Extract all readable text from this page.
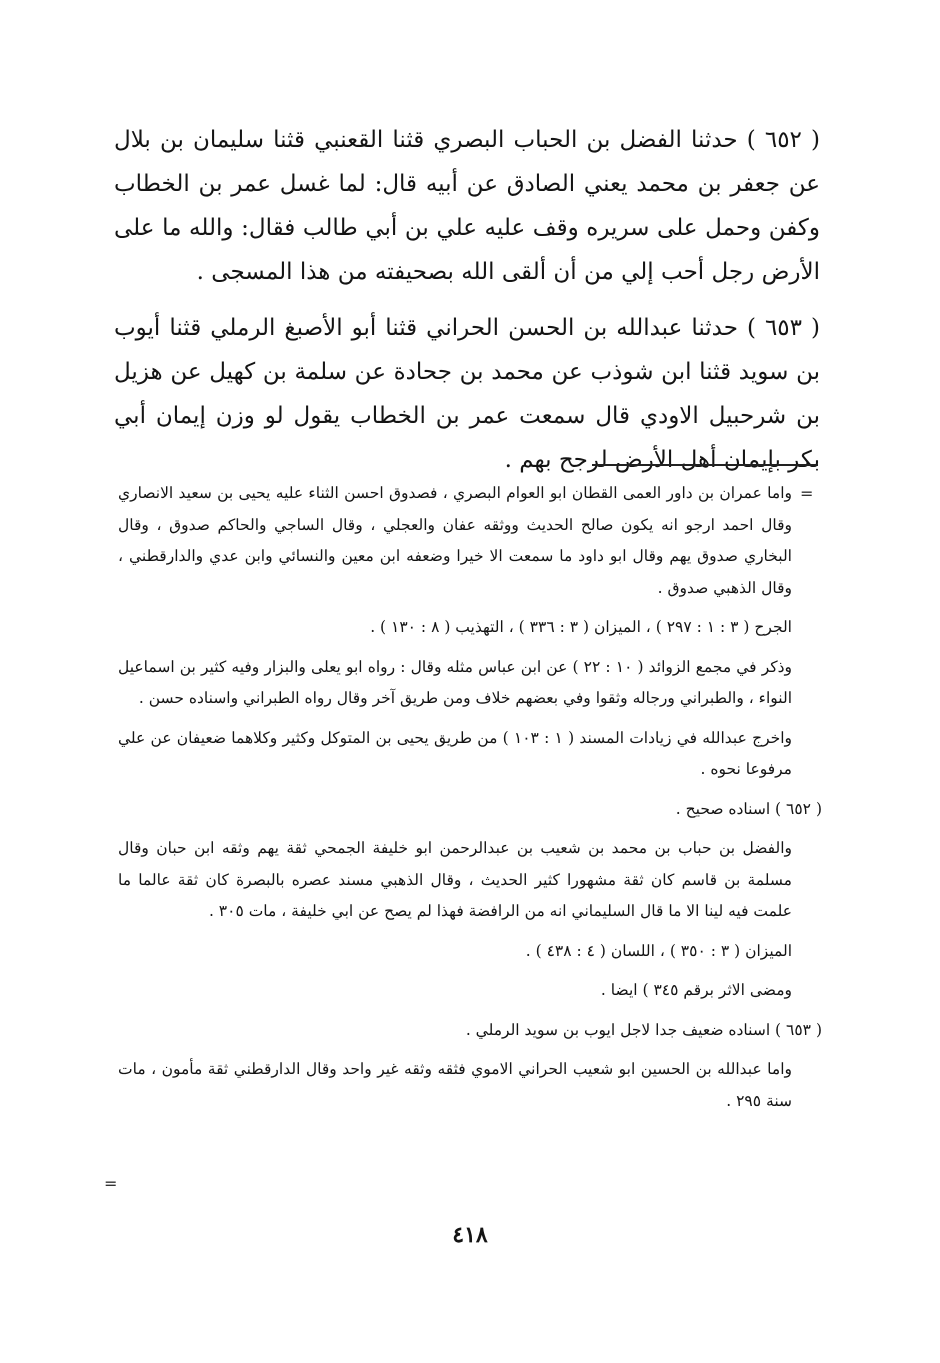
( ٦٥٢ ) حدثنا الفضل بن الحباب البصري قثنا القعنبي قثنا سليمان بن بلال عن جعفر بن محمد يعني الصادق عن أبيه قال: لما غسل عمر بن الخطاب وكفن وحمل على سريره وقف عليه علي بن أبي طالب فقال: والله ما على الأرض رجل أحب إلي من أن ألقى الله بصحيفته من هذا المسجى .

( ٦٥٣ ) حدثنا عبدالله بن الحسن الحراني قثنا أبو الأصبغ الرملي قثنا أيوب بن سويد قثنا ابن شوذب عن محمد بن جحادة عن سلمة بن كهيل عن هزيل بن شرحبيل الاودي قال سمعت عمر بن الخطاب يقول لو وزن إيمان أبي بكر بإيمان أهل الأرض لرجح بهم .

=

واما عمران بن داور العمى القطان ابو العوام البصري ، فصدوق احسن الثناء عليه يحيى بن سعيد الانصاري وقال احمد ارجو انه يكون صالح الحديث ووثقه عفان والعجلي ، وقال الساجي والحاكم صدوق ، وقال البخاري صدوق يهم وقال ابو داود ما سمعت الا خيرا وضعفه ابن معين والنسائي وابن عدي والدارقطني ، وقال الذهبي صدوق .

الجرح ( ٣ : ١ : ٢٩٧ ) ، الميزان ( ٣ : ٣٣٦ ) ، التهذيب ( ٨ : ١٣٠ ) .

وذكر في مجمع الزوائد ( ١٠ : ٢٢ ) عن ابن عباس مثله وقال : رواه ابو يعلى والبزار وفيه كثير بن اسماعيل النواء ، والطبراني ورجاله وثقوا وفي بعضهم خلاف ومن طريق آخر وقال رواه الطبراني واسناده حسن .

واخرج عبدالله في زيادات المسند ( ١ : ١٠٣ ) من طريق يحيى بن المتوكل وكثير وكلاهما ضعيفان عن علي مرفوعا نحوه .

( ٦٥٢ ) اسناده صحيح .

والفضل بن حباب بن محمد بن شعيب بن عبدالرحمن ابو خليفة الجمحي ثقة يهم وثقه ابن حبان وقال مسلمة بن قاسم كان ثقة مشهورا كثير الحديث ، وقال الذهبي مسند عصره بالبصرة كان ثقة عالما ما علمت فيه لينا الا ما قال السليماني انه من الرافضة فهذا لم يصح عن ابي خليفة ، مات ٣٠٥ .

الميزان ( ٣ : ٣٥٠ ) ، اللسان ( ٤ : ٤٣٨ ) .

ومضى الاثر برقم ٣٤٥ ) ايضا .

( ٦٥٣ ) اسناده ضعيف جدا لاجل ايوب بن سويد الرملي .

واما عبدالله بن الحسين ابو شعيب الحراني الاموي فثقه وثقه غير واحد وقال الدارقطني ثقة مأمون ، مات سنة ٢٩٥ .

=
٤١٨
